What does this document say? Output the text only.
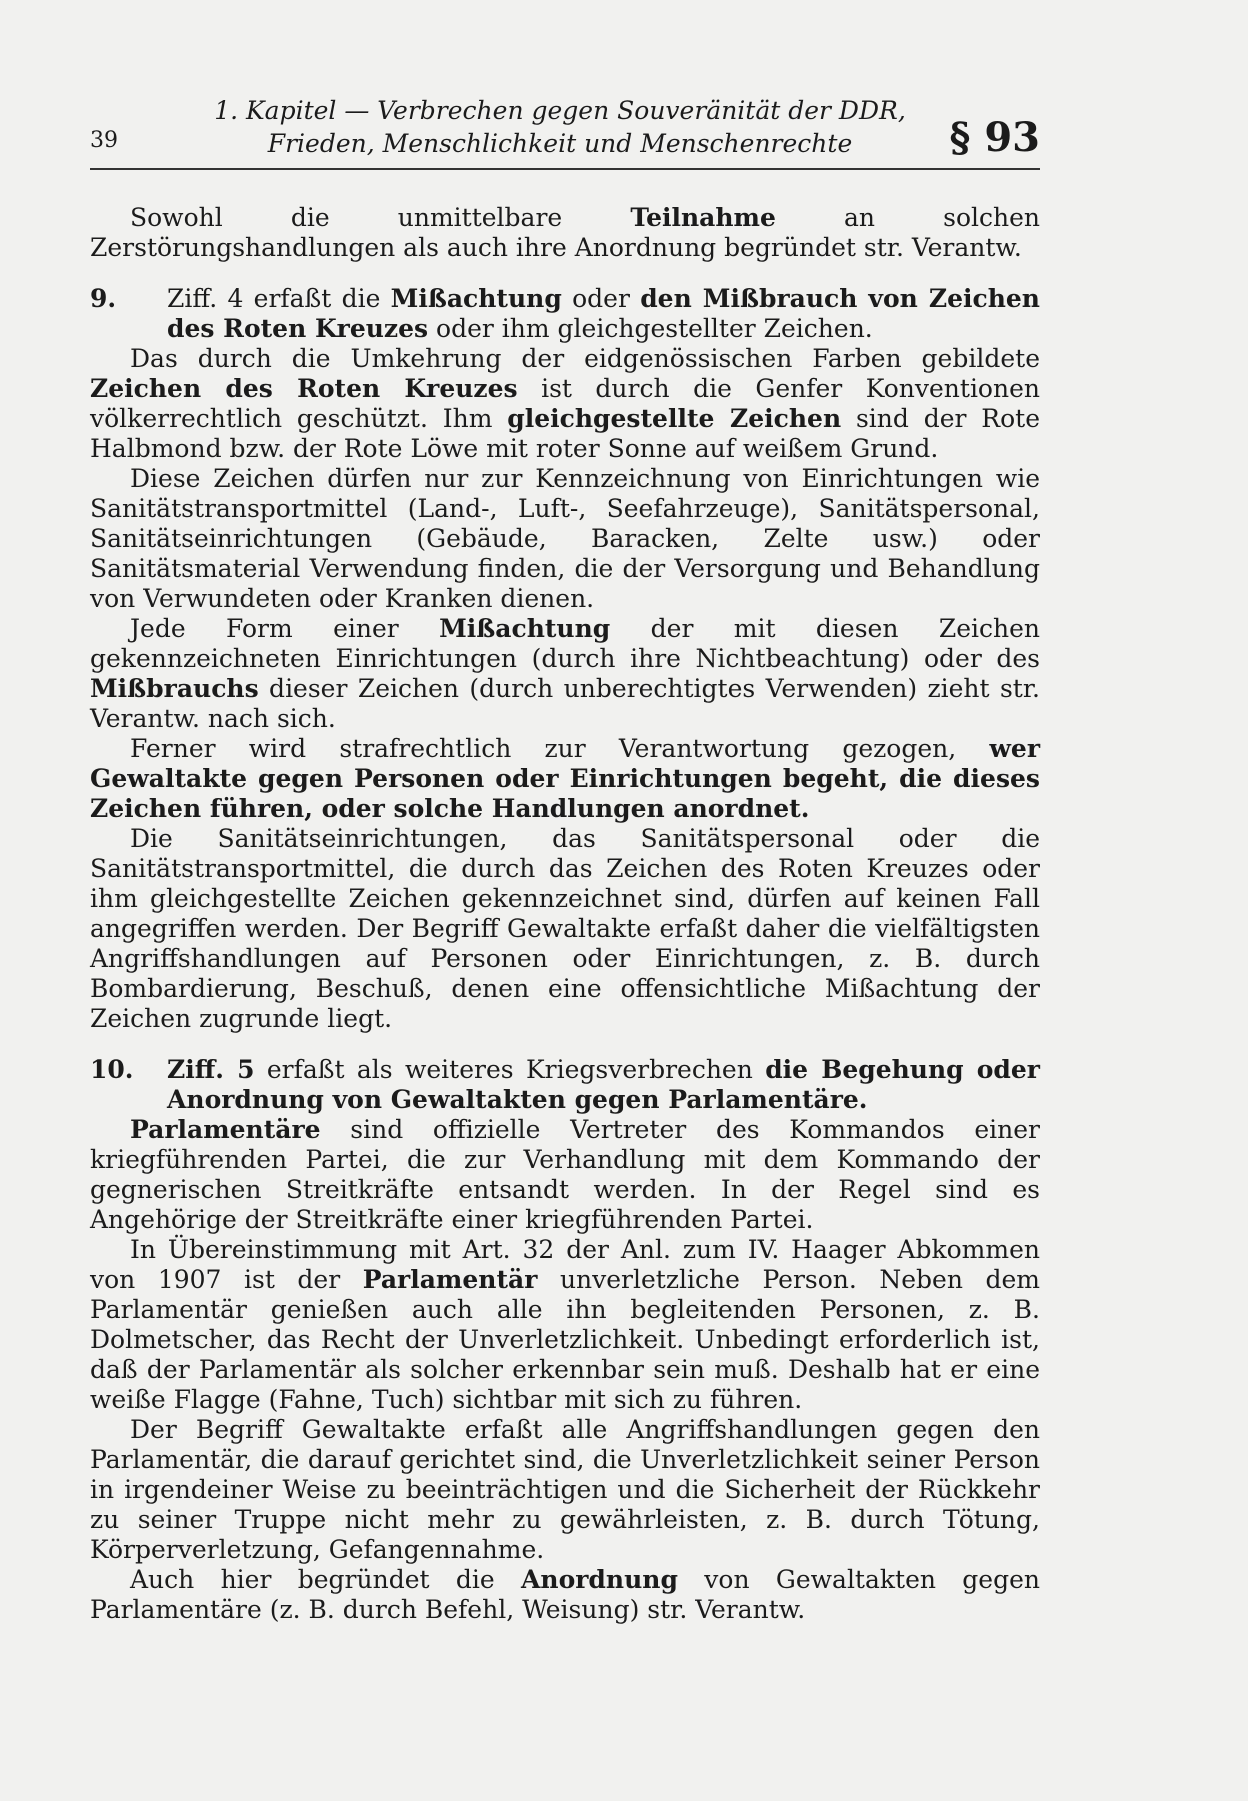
39
1. Kapitel — Verbrechen gegen Souveränität der DDR,
Frieden, Menschlichkeit und Menschenrechte	§ 93

Sowohl die unmittelbare Teilnahme an solchen Zerstörungshandlungen als auch ihre Anordnung begründet str. Verantw.

9.	Ziff. 4 erfaßt die Mißachtung oder den Mißbrauch von Zeichen des Roten Kreuzes oder ihm gleichgestellter Zeichen.

Das durch die Umkehrung der eidgenössischen Farben gebildete Zeichen des Roten Kreuzes ist durch die Genfer Konventionen völkerrechtlich geschützt. Ihm gleichgestellte Zeichen sind der Rote Halbmond bzw. der Rote Löwe mit roter Sonne auf weißem Grund.

Diese Zeichen dürfen nur zur Kennzeichnung von Einrichtungen wie Sanitätstransportmittel (Land-, Luft-, Seefahrzeuge), Sanitätspersonal, Sanitätseinrichtungen (Gebäude, Baracken, Zelte usw.) oder Sanitätsmaterial Verwendung finden, die der Versorgung und Behandlung von Verwundeten oder Kranken dienen.

Jede Form einer Mißachtung der mit diesen Zeichen gekennzeichneten Einrichtungen (durch ihre Nichtbeachtung) oder des Mißbrauchs dieser Zeichen (durch unberechtigtes Verwenden) zieht str. Verantw. nach sich.

Ferner wird strafrechtlich zur Verantwortung gezogen, wer Gewaltakte gegen Personen oder Einrichtungen begeht, die dieses Zeichen führen, oder solche Handlungen anordnet.

Die Sanitätseinrichtungen, das Sanitätspersonal oder die Sanitätstransportmittel, die durch das Zeichen des Roten Kreuzes oder ihm gleichgestellte Zeichen gekennzeichnet sind, dürfen auf keinen Fall angegriffen werden. Der Begriff Gewaltakte erfaßt daher die vielfältigsten Angriffshandlungen auf Personen oder Einrichtungen, z. B. durch Bombardierung, Beschuß, denen eine offensichtliche Mißachtung der Zeichen zugrunde liegt.

10.	Ziff. 5 erfaßt als weiteres Kriegsverbrechen die Begehung oder Anordnung von Gewaltakten gegen Parlamentäre.

Parlamentäre sind offizielle Vertreter des Kommandos einer kriegführenden Partei, die zur Verhandlung mit dem Kommando der gegnerischen Streitkräfte entsandt werden. In der Regel sind es Angehörige der Streitkräfte einer kriegführenden Partei.

In Übereinstimmung mit Art. 32 der Anl. zum IV. Haager Abkommen von 1907 ist der Parlamentär unverletzliche Person. Neben dem Parlamentär genießen auch alle ihn begleitenden Personen, z. B. Dolmetscher, das Recht der Unverletzlichkeit. Unbedingt erforderlich ist, daß der Parlamentär als solcher erkennbar sein muß. Deshalb hat er eine weiße Flagge (Fahne, Tuch) sichtbar mit sich zu führen.

Der Begriff Gewaltakte erfaßt alle Angriffshandlungen gegen den Parlamentär, die darauf gerichtet sind, die Unverletzlichkeit seiner Person in irgendeiner Weise zu beeinträchtigen und die Sicherheit der Rückkehr zu seiner Truppe nicht mehr zu gewährleisten, z. B. durch Tötung, Körperverletzung, Gefangennahme.

Auch hier begründet die Anordnung von Gewaltakten gegen Parlamentäre (z. B. durch Befehl, Weisung) str. Verantw.
